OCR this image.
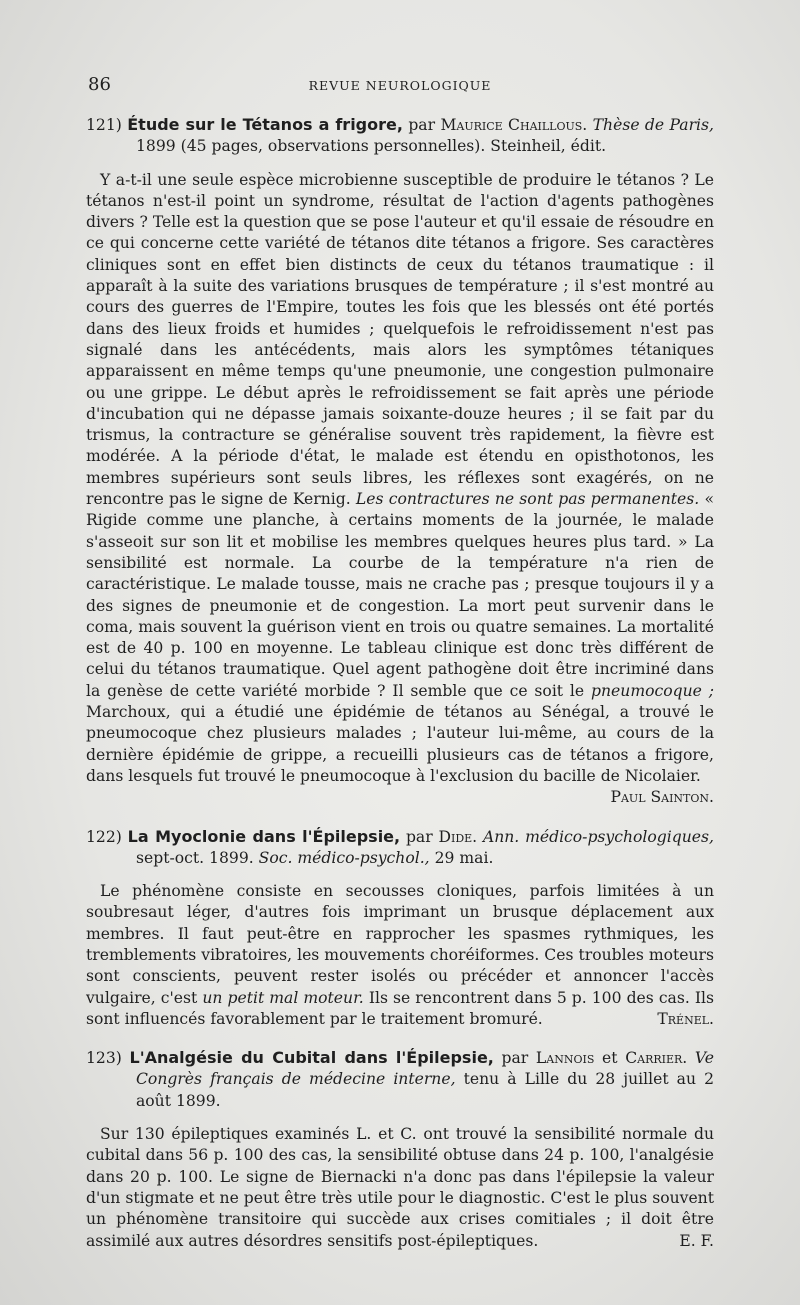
86	REVUE NEUROLOGIQUE

121) Étude sur le Tétanos a frigore, par Maurice Chaillous. Thèse de Paris, 1899 (45 pages, observations personnelles). Steinheil, édit.

Y a-t-il une seule espèce microbienne susceptible de produire le tétanos ? Le tétanos n'est-il point un syndrome, résultat de l'action d'agents pathogènes divers ? Telle est la question que se pose l'auteur et qu'il essaie de résoudre en ce qui concerne cette variété de tétanos dite tétanos a frigore. Ses caractères cliniques sont en effet bien distincts de ceux du tétanos traumatique : il apparaît à la suite des variations brusques de température ; il s'est montré au cours des guerres de l'Empire, toutes les fois que les blessés ont été portés dans des lieux froids et humides ; quelquefois le refroidissement n'est pas signalé dans les antécédents, mais alors les symptômes tétaniques apparaissent en même temps qu'une pneumonie, une congestion pulmonaire ou une grippe. Le début après le refroidissement se fait après une période d'incubation qui ne dépasse jamais soixante-douze heures ; il se fait par du trismus, la contracture se généralise souvent très rapidement, la fièvre est modérée. A la période d'état, le malade est étendu en opisthotonos, les membres supérieurs sont seuls libres, les réflexes sont exagérés, on ne rencontre pas le signe de Kernig. Les contractures ne sont pas permanentes. « Rigide comme une planche, à certains moments de la journée, le malade s'asseoit sur son lit et mobilise les membres quelques heures plus tard. » La sensibilité est normale. La courbe de la température n'a rien de caractéristique. Le malade tousse, mais ne crache pas ; presque toujours il y a des signes de pneumonie et de congestion. La mort peut survenir dans le coma, mais souvent la guérison vient en trois ou quatre semaines. La mortalité est de 40 p. 100 en moyenne. Le tableau clinique est donc très différent de celui du tétanos traumatique. Quel agent pathogène doit être incriminé dans la genèse de cette variété morbide ? Il semble que ce soit le pneumocoque ; Marchoux, qui a étudié une épidémie de tétanos au Sénégal, a trouvé le pneumocoque chez plusieurs malades ; l'auteur lui-même, au cours de la dernière épidémie de grippe, a recueilli plusieurs cas de tétanos a frigore, dans lesquels fut trouvé le pneumocoque à l'exclusion du bacille de Nicolaier.
Paul Sainton.

122) La Myoclonie dans l'Épilepsie, par Dide. Ann. médico-psychologiques, sept-oct. 1899. Soc. médico-psychol., 29 mai.

Le phénomène consiste en secousses cloniques, parfois limitées à un soubresaut léger, d'autres fois imprimant un brusque déplacement aux membres. Il faut peut-être en rapprocher les spasmes rythmiques, les tremblements vibratoires, les mouvements choréiformes. Ces troubles moteurs sont conscients, peuvent rester isolés ou précéder et annoncer l'accès vulgaire, c'est un petit mal moteur. Ils se rencontrent dans 5 p. 100 des cas. Ils sont influencés favorablement par le traitement bromuré.	Trénel.

123) L'Analgésie du Cubital dans l'Épilepsie, par Lannois et Carrier. Ve Congrès français de médecine interne, tenu à Lille du 28 juillet au 2 août 1899.

Sur 130 épileptiques examinés L. et C. ont trouvé la sensibilité normale du cubital dans 56 p. 100 des cas, la sensibilité obtuse dans 24 p. 100, l'analgésie dans 20 p. 100. Le signe de Biernacki n'a donc pas dans l'épilepsie la valeur d'un stigmate et ne peut être très utile pour le diagnostic. C'est le plus souvent un phénomène transitoire qui succède aux crises comitiales ; il doit être assimilé aux autres désordres sensitifs post-épileptiques.	E. F.
